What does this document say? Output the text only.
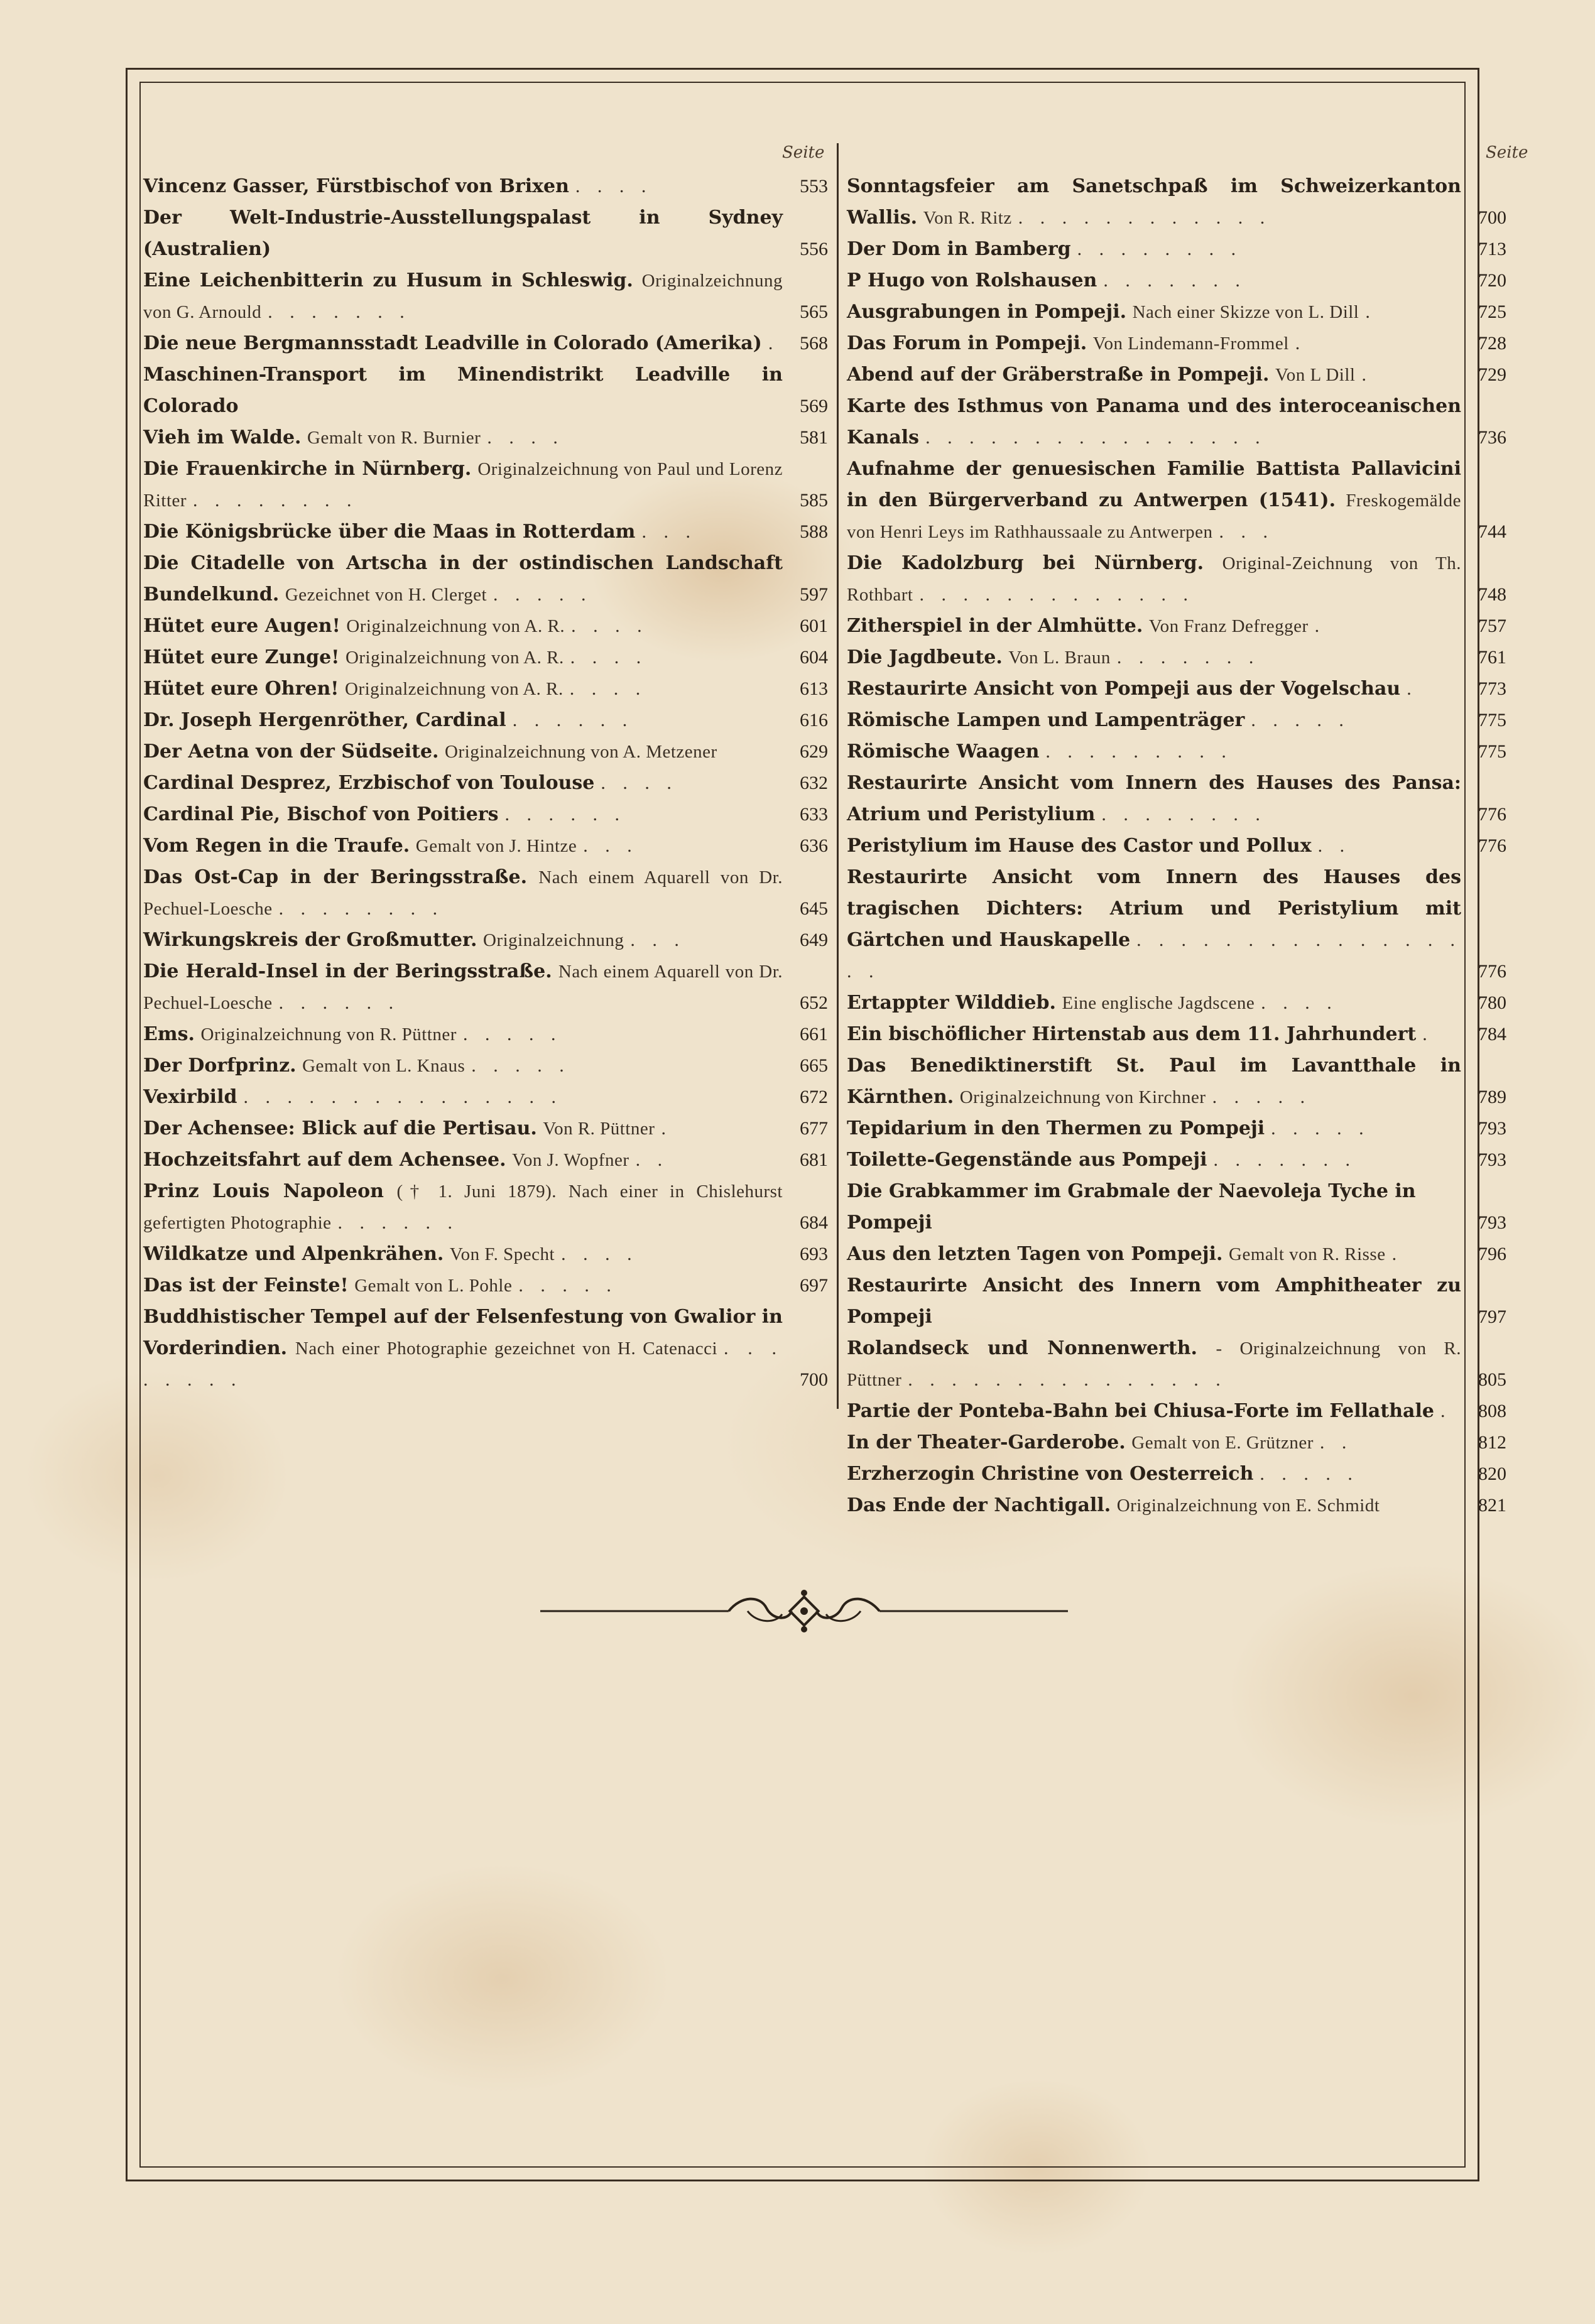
Seite	Seite
Vincenz Gasser, Fürstbischof von Brixen . . . .	553
Der Welt-Industrie-Ausstellungspalast in Sydney (Australien)	556
Eine Leichenbitterin zu Husum in Schleswig. Originalzeichnung von G. Arnould . . . . . . .	565
Die neue Bergmannsstadt Leadville in Colorado (Amerika) .	568
Maschinen-Transport im Minendistrikt Leadville in Colorado	569
Vieh im Walde. Gemalt von R. Burnier . . . .	581
Die Frauenkirche in Nürnberg. Originalzeichnung von Paul und Lorenz Ritter . . . . . . . .	585
Die Königsbrücke über die Maas in Rotterdam . . .	588
Die Citadelle von Artscha in der ostindischen Landschaft Bundelkund. Gezeichnet von H. Clerget . . . . .	597
Hütet eure Augen! Originalzeichnung von A. R. . . . .	601
Hütet eure Zunge! Originalzeichnung von A. R. . . . .	604
Hütet eure Ohren! Originalzeichnung von A. R. . . . .	613
Dr. Joseph Hergenröther, Cardinal . . . . . .	616
Der Aetna von der Südseite. Originalzeichnung von A. Metzener	629
Cardinal Desprez, Erzbischof von Toulouse . . . .	632
Cardinal Pie, Bischof von Poitiers . . . . . .	633
Vom Regen in die Traufe. Gemalt von J. Hintze . . .	636
Das Ost-Cap in der Beringsstraße. Nach einem Aquarell von Dr. Pechuel-Loesche . . . . . . . .	645
Wirkungskreis der Großmutter. Originalzeichnung . . .	649
Die Herald-Insel in der Beringsstraße. Nach einem Aquarell von Dr. Pechuel-Loesche . . . . . .	652
Ems. Originalzeichnung von R. Püttner . . . . .	661
Der Dorfprinz. Gemalt von L. Knaus . . . . .	665
Vexirbild . . . . . . . . . . . . . . .	672
Der Achensee: Blick auf die Pertisau. Von R. Püttner .	677
Hochzeitsfahrt auf dem Achensee. Von J. Wopfner . .	681
Prinz Louis Napoleon († 1. Juni 1879). Nach einer in Chislehurst gefertigten Photographie . . . . . .	684
Wildkatze und Alpenkrähen. Von F. Specht . . . .	693
Das ist der Feinste! Gemalt von L. Pohle . . . . .	697
Buddhistischer Tempel auf der Felsenfestung von Gwalior in Vorderindien. Nach einer Photographie gezeichnet von H. Catenacci . . . . . . . .	700
Sonntagsfeier am Sanetschpaß im Schweizerkanton Wallis. Von R. Ritz . . . . . . . . . . . .	700
Der Dom in Bamberg . . . . . . . .	713
P Hugo von Rolshausen . . . . . . .	720
Ausgrabungen in Pompeji. Nach einer Skizze von L. Dill .	725
Das Forum in Pompeji. Von Lindemann-Frommel .	728
Abend auf der Gräberstraße in Pompeji. Von L Dill .	729
Karte des Isthmus von Panama und des interoceanischen Kanals . . . . . . . . . . . . . . . .	736
Aufnahme der genuesischen Familie Battista Pallavicini in den Bürgerverband zu Antwerpen (1541). Freskogemälde von Henri Leys im Rathhaussaale zu Antwerpen . . .	744
Die Kadolzburg bei Nürnberg. Original-Zeichnung von Th. Rothbart . . . . . . . . . . . . .	748
Zitherspiel in der Almhütte. Von Franz Defregger .	757
Die Jagdbeute. Von L. Braun . . . . . . .	761
Restaurirte Ansicht von Pompeji aus der Vogelschau .	773
Römische Lampen und Lampenträger . . . . .	775
Römische Waagen . . . . . . . . .	775
Restaurirte Ansicht vom Innern des Hauses des Pansa: Atrium und Peristylium . . . . . . . .	776
Peristylium im Hause des Castor und Pollux . .	776
Restaurirte Ansicht vom Innern des Hauses des tragischen Dichters: Atrium und Peristylium mit Gärtchen und Hauskapelle . . . . . . . . . . . . . . . . .	776
Ertappter Wilddieb. Eine englische Jagdscene . . . .	780
Ein bischöflicher Hirtenstab aus dem 11. Jahrhundert .	784
Das Benediktinerstift St. Paul im Lavantthale in Kärnthen. Originalzeichnung von Kirchner . . . . .	789
Tepidarium in den Thermen zu Pompeji . . . . .	793
Toilette-Gegenstände aus Pompeji . . . . . . .	793
Die Grabkammer im Grabmale der Naevoleja Tyche in Pompeji	793
Aus den letzten Tagen von Pompeji. Gemalt von R. Risse .	796
Restaurirte Ansicht des Innern vom Amphitheater zu Pompeji	797
Rolandseck und Nonnenwerth. - Originalzeichnung von R. Püttner . . . . . . . . . . . . . . .	805
Partie der Ponteba-Bahn bei Chiusa-Forte im Fellathale .	808
In der Theater-Garderobe. Gemalt von E. Grützner . .	812
Erzherzogin Christine von Oesterreich . . . . .	820
Das Ende der Nachtigall. Originalzeichnung von E. Schmidt	821
